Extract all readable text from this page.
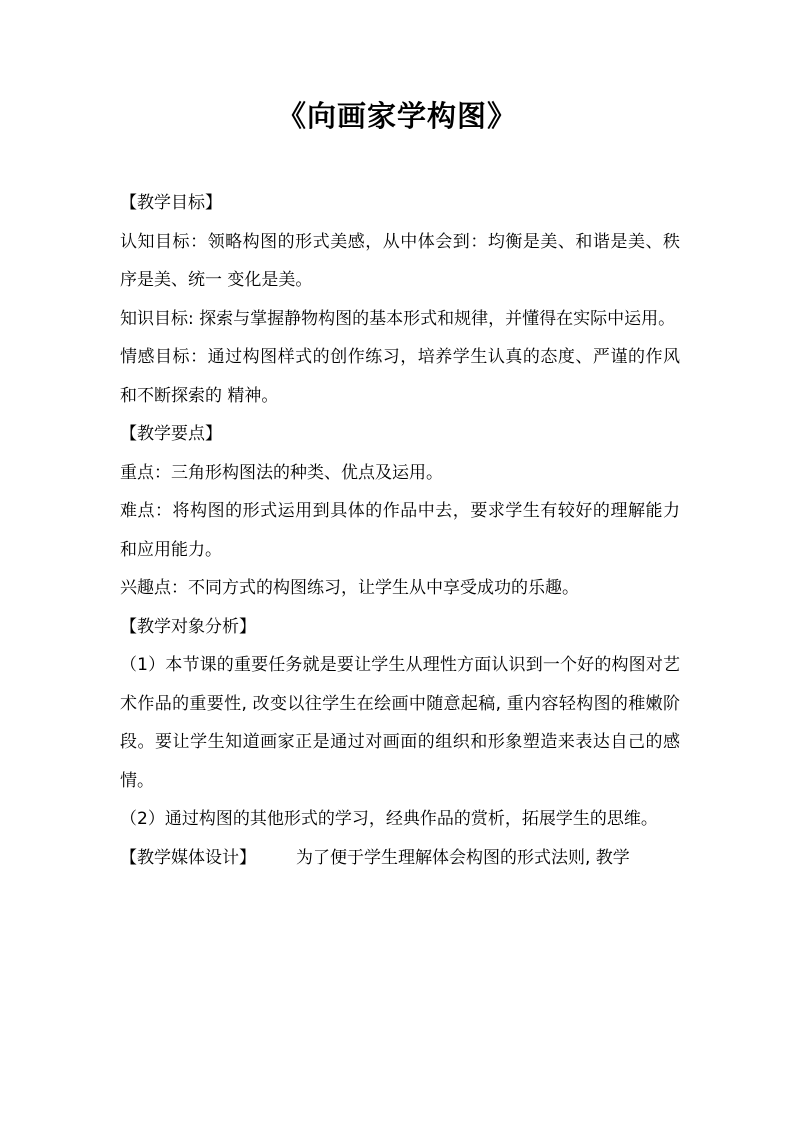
《向画家学构图》

【教学目标】

认知目标：领略构图的形式美感，从中体会到：均衡是美、和谐是美、秩序是美、统一 变化是美。

知识目标: 探索与掌握静物构图的基本形式和规律，并懂得在实际中运用。

情感目标：通过构图样式的创作练习，培养学生认真的态度、严谨的作风和不断探索的 精神。

【教学要点】

重点：三角形构图法的种类、优点及运用。

难点：将构图的形式运用到具体的作品中去，要求学生有较好的理解能力和应用能力。

兴趣点：不同方式的构图练习，让学生从中享受成功的乐趣。

【教学对象分析】

（1）本节课的重要任务就是要让学生从理性方面认识到一个好的构图对艺术作品的重要性, 改变以往学生在绘画中随意起稿, 重内容轻构图的稚嫩阶段。要让学生知道画家正是通过对画面的组织和形象塑造来表达自己的感情。

（2）通过构图的其他形式的学习，经典作品的赏析，拓展学生的思维。

【教学媒体设计】 为了便于学生理解体会构图的形式法则, 教学
